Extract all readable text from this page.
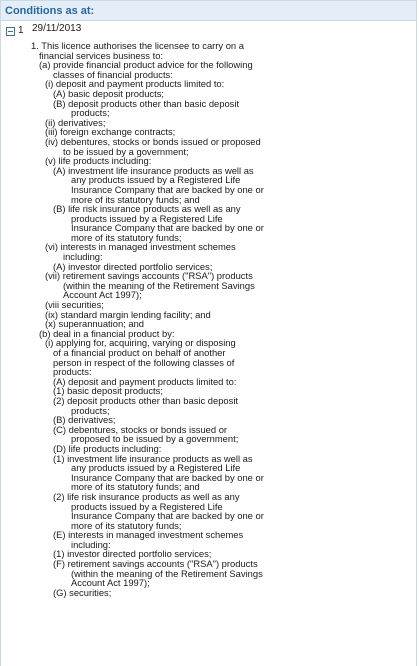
Conditions as at:
1 29/11/2013
1. This licence authorises the licensee to carry on a
financial services business to:
(a) provide financial product advice for the following
classes of financial products:
(i) deposit and payment products limited to:
(A) basic deposit products;
(B) deposit products other than basic deposit
products;
(ii) derivatives;
(iii) foreign exchange contracts;
(iv) debentures, stocks or bonds issued or proposed
to be issued by a government;
(v) life products including:
(A) investment life insurance products as well as
any products issued by a Registered Life
Insurance Company that are backed by one or
more of its statutory funds; and
(B) life risk insurance products as well as any
products issued by a Registered Life
Insurance Company that are backed by one or
more of its statutory funds;
(vi) interests in managed investment schemes
including:
(A) investor directed portfolio services;
(vii) retirement savings accounts ("RSA") products
(within the meaning of the Retirement Savings
Account Act 1997);
(viii securities;
(ix) standard margin lending facility; and
(x) superannuation; and
(b) deal in a financial product by:
(i) applying for, acquiring, varying or disposing
of a financial product on behalf of another
person in respect of the following classes of
products:
(A) deposit and payment products limited to:
(1) basic deposit products;
(2) deposit products other than basic deposit
products;
(B) derivatives;
(C) debentures, stocks or bonds issued or
proposed to be issued by a government;
(D) life products including:
(1) investment life insurance products as well as
any products issued by a Registered Life
Insurance Company that are backed by one or
more of its statutory funds; and
(2) life risk insurance products as well as any
products issued by a Registered Life
Insurance Company that are backed by one or
more of its statutory funds;
(E) interests in managed investment schemes
including:
(1) investor directed portfolio services;
(F) retirement savings accounts ("RSA") products
(within the meaning of the Retirement Savings
Account Act 1997);
(G) securities;
